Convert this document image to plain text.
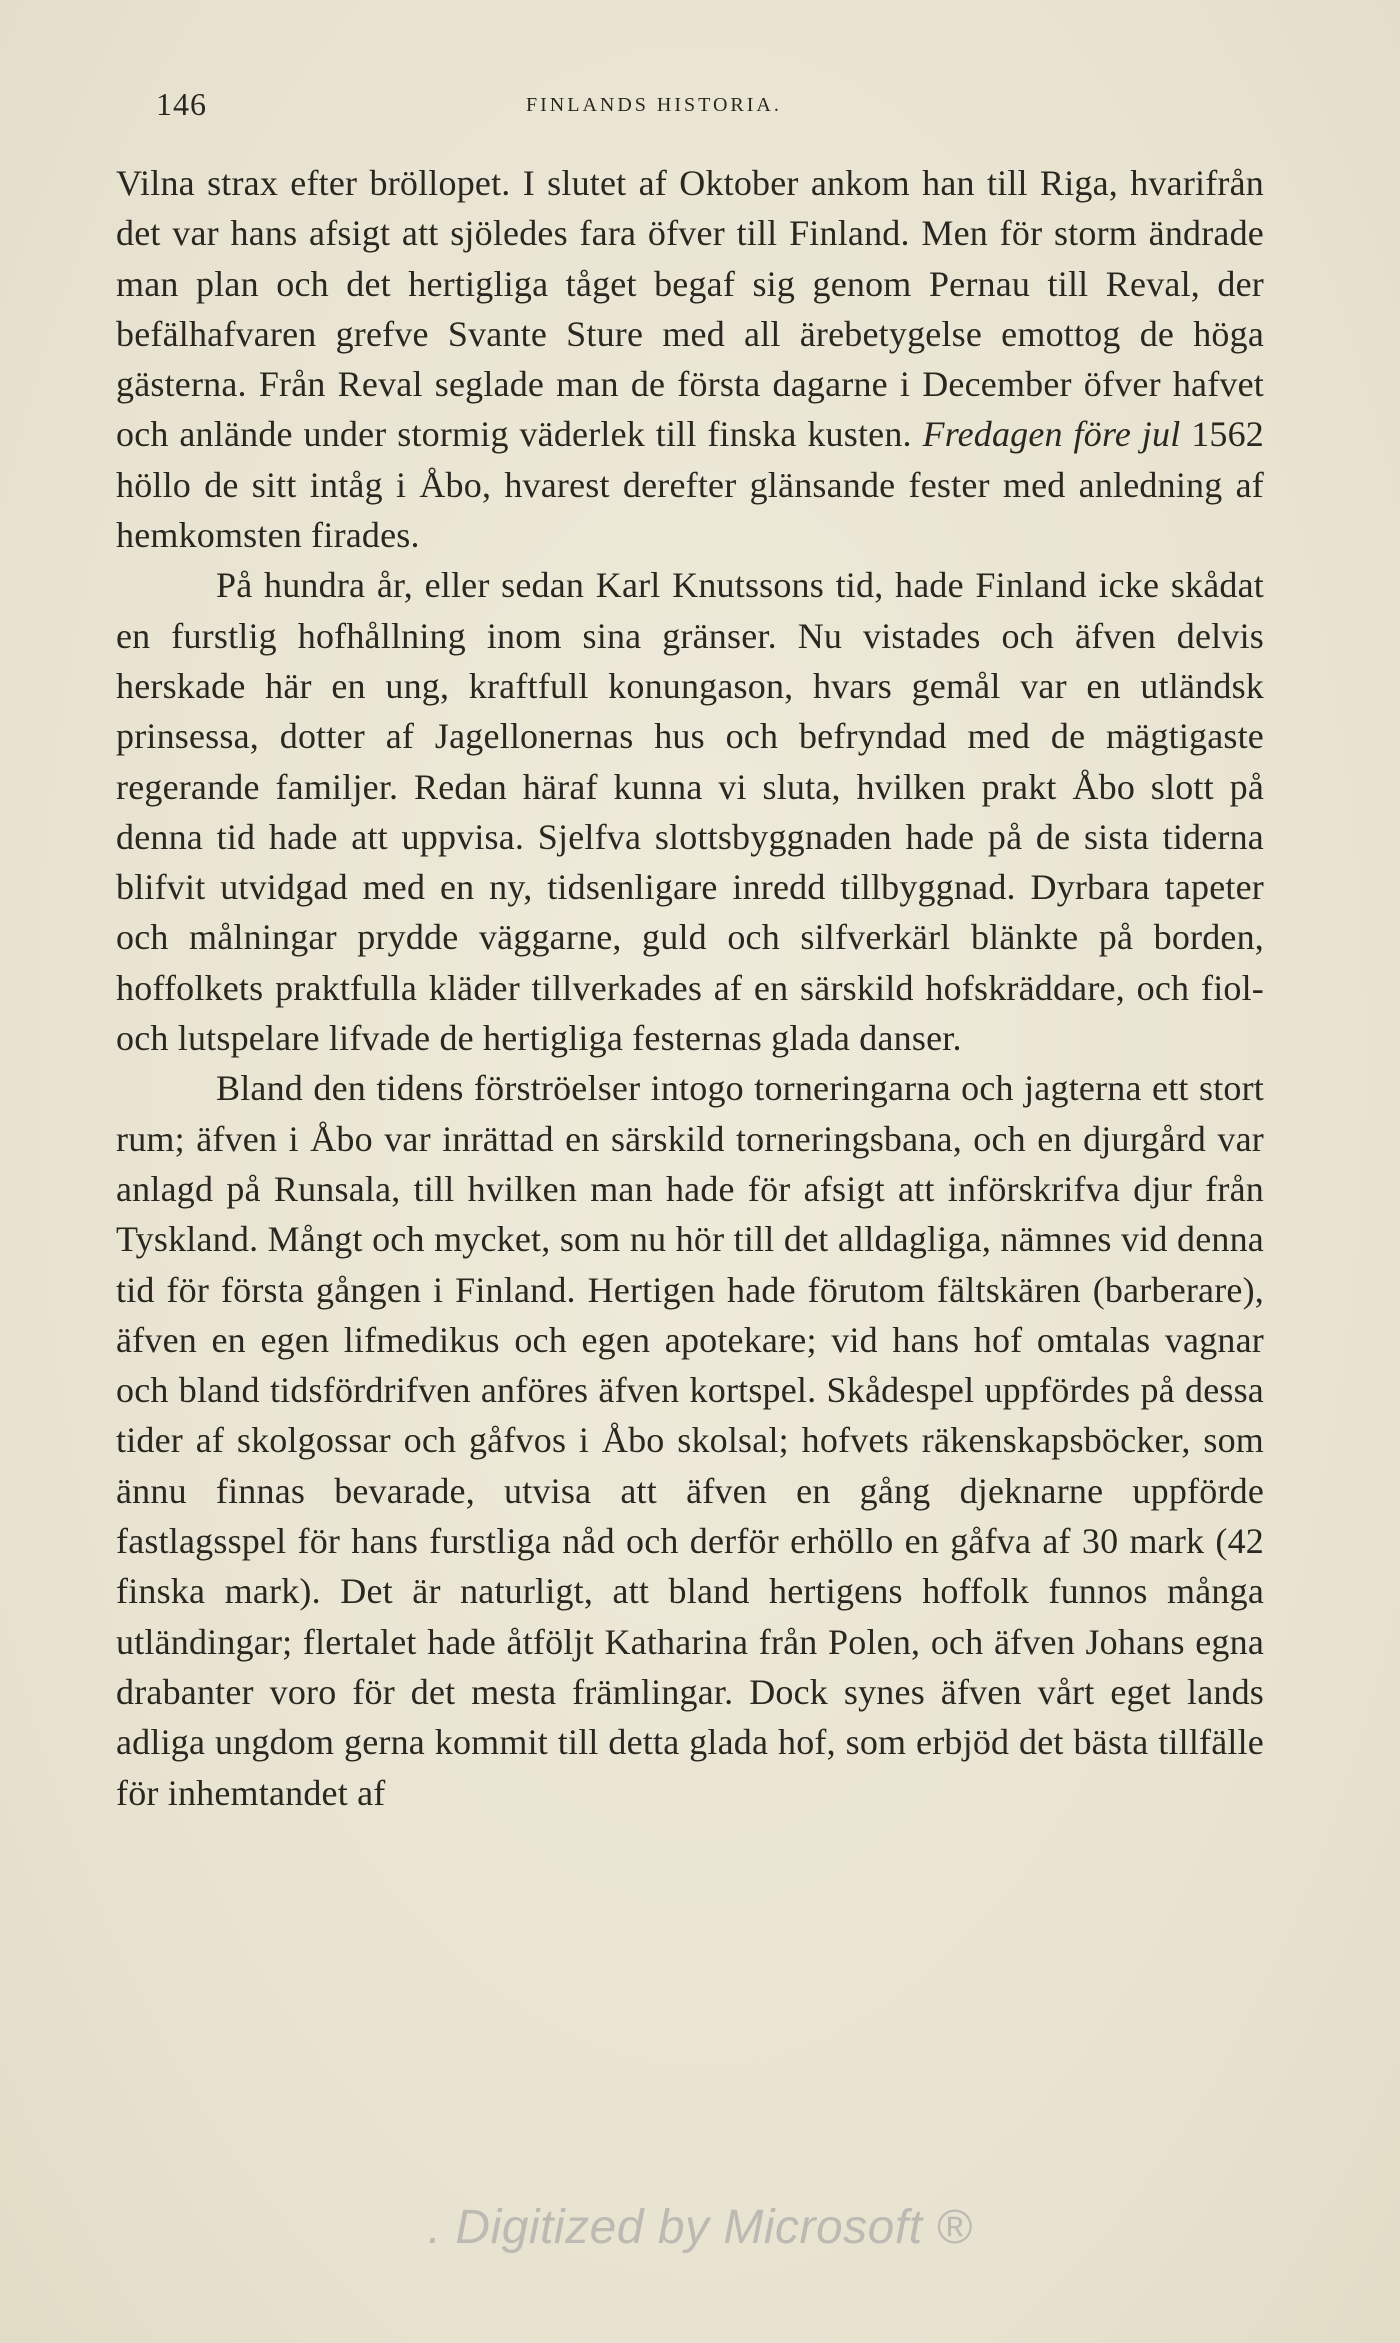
146	FINLANDS HISTORIA.

Vilna strax efter bröllopet. I slutet af Oktober ankom han till Riga, hvarifrån det var hans afsigt att sjöledes fara öfver till Finland. Men för storm ändrade man plan och det hertigliga tåget begaf sig genom Pernau till Reval, der befälhafvaren grefve Svante Sture med all ärebetygelse emottog de höga gästerna. Från Reval seglade man de första dagarne i December öfver hafvet och anlände under stormig väderlek till finska kusten. Fredagen före jul 1562 höllo de sitt intåg i Åbo, hvarest derefter glänsande fester med anledning af hemkomsten firades.

På hundra år, eller sedan Karl Knutssons tid, hade Finland icke skådat en furstlig hofhållning inom sina gränser. Nu vistades och äfven delvis herskade här en ung, kraftfull konungason, hvars gemål var en utländsk prinsessa, dotter af Jagellonernas hus och befryndad med de mägtigaste regerande familjer. Redan häraf kunna vi sluta, hvilken prakt Åbo slott på denna tid hade att uppvisa. Sjelfva slottsbyggnaden hade på de sista tiderna blifvit utvidgad med en ny, tidsenligare inredd tillbyggnad. Dyrbara tapeter och målningar prydde väggarne, guld och silfverkärl blänkte på borden, hoffolkets praktfulla kläder tillverkades af en särskild hofskräddare, och fiol- och lutspelare lifvade de hertigliga festernas glada danser.

Bland den tidens förströelser intogo torneringarna och jagterna ett stort rum; äfven i Åbo var inrättad en särskild torneringsbana, och en djurgård var anlagd på Runsala, till hvilken man hade för afsigt att införskrifva djur från Tyskland. Mångt och mycket, som nu hör till det alldagliga, nämnes vid denna tid för första gången i Finland. Hertigen hade förutom fältskären (barberare), äfven en egen lifmedikus och egen apotekare; vid hans hof omtalas vagnar och bland tidsfördrifven anföres äfven kortspel. Skådespel uppfördes på dessa tider af skolgossar och gåfvos i Åbo skolsal; hofvets räkenskapsböcker, som ännu finnas bevarade, utvisa att äfven en gång djeknarne uppförde fastlagsspel för hans furstliga nåd och derför erhöllo en gåfva af 30 mark (42 finska mark). Det är naturligt, att bland hertigens hoffolk funnos många utländingar; flertalet hade åtföljt Katharina från Polen, och äfven Johans egna drabanter voro för det mesta främlingar. Dock synes äfven vårt eget lands adliga ungdom gerna kommit till detta glada hof, som erbjöd det bästa tillfälle för inhemtandet af

. Digitized by Microsoft ®
